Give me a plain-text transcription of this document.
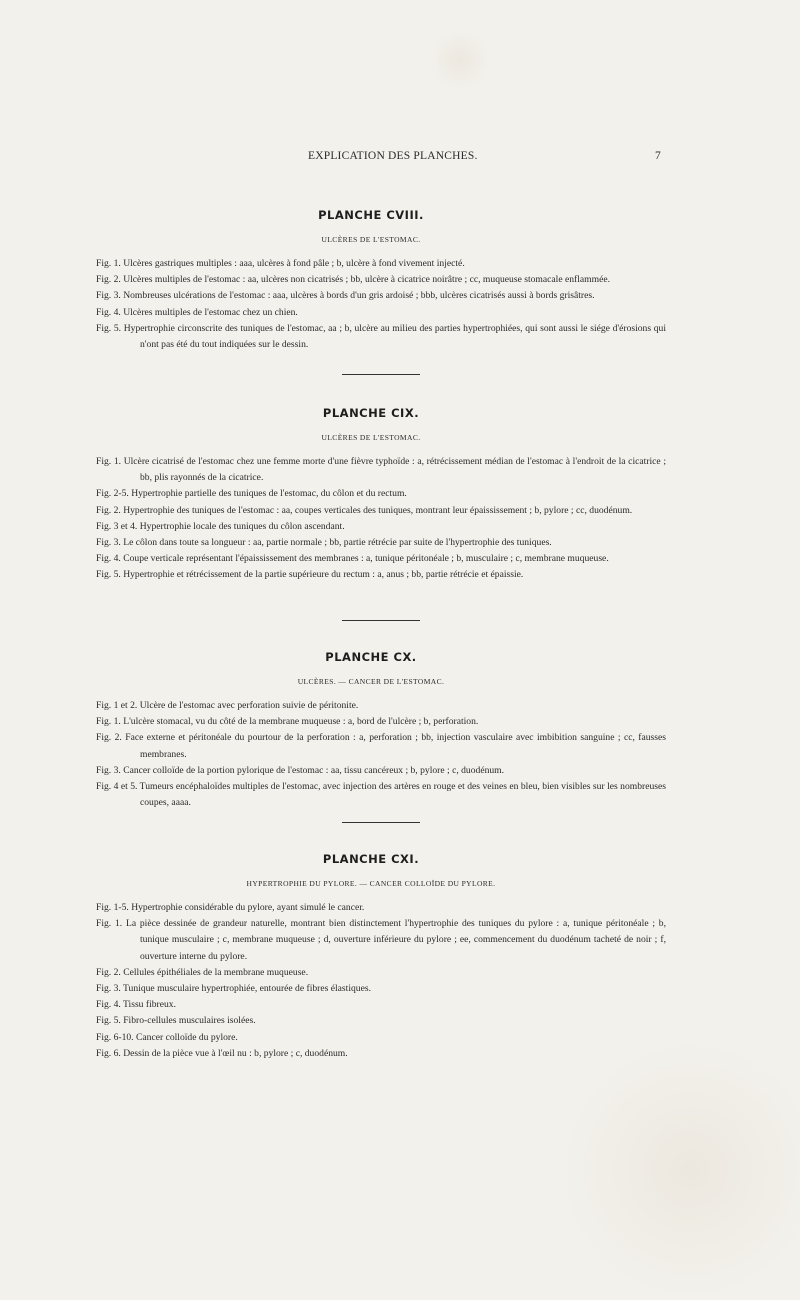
EXPLICATION DES PLANCHES.	7
PLANCHE CVIII.
ULCÈRES DE L'ESTOMAC.
Fig. 1. Ulcères gastriques multiples : aaa, ulcères à fond pâle ; b, ulcère à fond vivement injecté.
Fig. 2. Ulcères multiples de l'estomac : aa, ulcères non cicatrisés ; bb, ulcère à cicatrice noirâtre ; cc, muqueuse stomacale enflammée.
Fig. 3. Nombreuses ulcérations de l'estomac : aaa, ulcères à bords d'un gris ardoisé ; bbb, ulcères cicatrisés aussi à bords grisâtres.
Fig. 4. Ulcères multiples de l'estomac chez un chien.
Fig. 5. Hypertrophie circonscrite des tuniques de l'estomac, aa ; b, ulcère au milieu des parties hypertrophiées, qui sont aussi le siége d'érosions qui n'ont pas été du tout indiquées sur le dessin.
PLANCHE CIX.
ULCÈRES DE L'ESTOMAC.
Fig. 1. Ulcère cicatrisé de l'estomac chez une femme morte d'une fièvre typhoïde : a, rétrécissement médian de l'estomac à l'endroit de la cicatrice ; bb, plis rayonnés de la cicatrice.
Fig. 2-5. Hypertrophie partielle des tuniques de l'estomac, du côlon et du rectum.
Fig. 2. Hypertrophie des tuniques de l'estomac : aa, coupes verticales des tuniques, montrant leur épaississement ; b, pylore ; cc, duodénum.
Fig. 3 et 4. Hypertrophie locale des tuniques du côlon ascendant.
Fig. 3. Le côlon dans toute sa longueur : aa, partie normale ; bb, partie rétrécie par suite de l'hypertrophie des tuniques.
Fig. 4. Coupe verticale représentant l'épaississement des membranes : a, tunique péritonéale ; b, musculaire ; c, membrane muqueuse.
Fig. 5. Hypertrophie et rétrécissement de la partie supérieure du rectum : a, anus ; bb, partie rétrécie et épaissie.
PLANCHE CX.
ULCÈRES. — CANCER DE L'ESTOMAC.
Fig. 1 et 2. Ulcère de l'estomac avec perforation suivie de péritonite.
Fig. 1. L'ulcère stomacal, vu du côté de la membrane muqueuse : a, bord de l'ulcère ; b, perforation.
Fig. 2. Face externe et péritonéale du pourtour de la perforation : a, perforation ; bb, injection vasculaire avec imbibition sanguine ; cc, fausses membranes.
Fig. 3. Cancer colloïde de la portion pylorique de l'estomac : aa, tissu cancéreux ; b, pylore ; c, duodénum.
Fig. 4 et 5. Tumeurs encéphaloïdes multiples de l'estomac, avec injection des artères en rouge et des veines en bleu, bien visibles sur les nombreuses coupes, aaaa.
PLANCHE CXI.
HYPERTROPHIE DU PYLORE. — CANCER COLLOÏDE DU PYLORE.
Fig. 1-5. Hypertrophie considérable du pylore, ayant simulé le cancer.
Fig. 1. La pièce dessinée de grandeur naturelle, montrant bien distinctement l'hypertrophie des tuniques du pylore : a, tunique péritonéale ; b, tunique musculaire ; c, membrane muqueuse ; d, ouverture inférieure du pylore ; ee, commencement du duodénum tacheté de noir ; f, ouverture interne du pylore.
Fig. 2. Cellules épithéliales de la membrane muqueuse.
Fig. 3. Tunique musculaire hypertrophiée, entourée de fibres élastiques.
Fig. 4. Tissu fibreux.
Fig. 5. Fibro-cellules musculaires isolées.
Fig. 6-10. Cancer colloïde du pylore.
Fig. 6. Dessin de la pièce vue à l'œil nu : b, pylore ; c, duodénum.
